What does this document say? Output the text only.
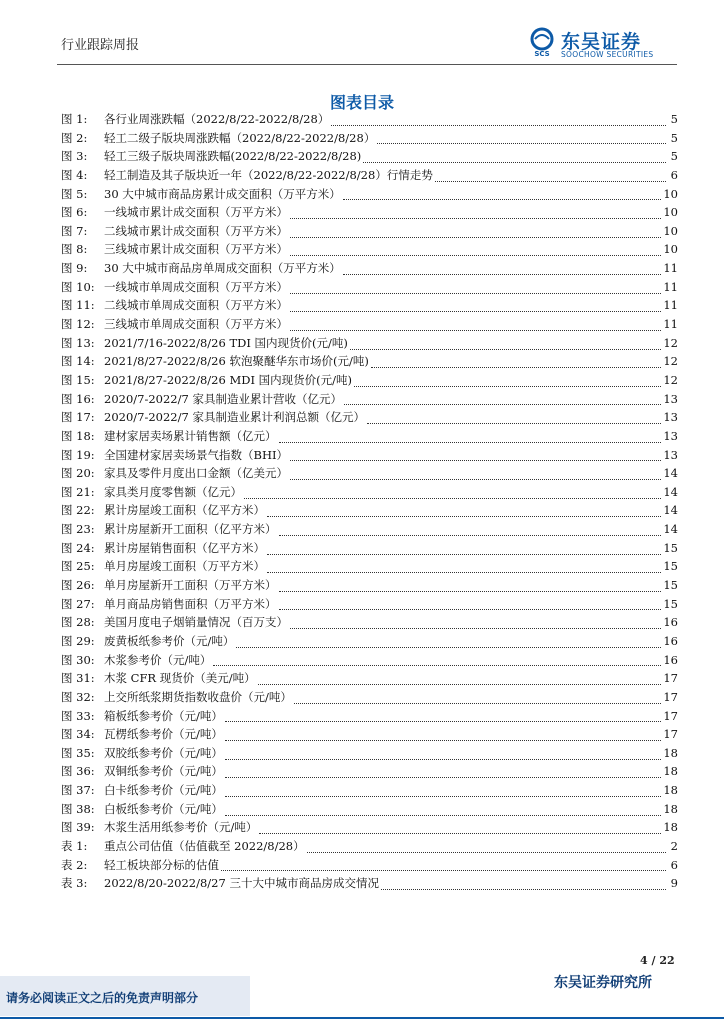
行业跟踪周报
SCS
东吴证券
SOOCHOW SECURITIES
图表目录
图 1:	各行业周涨跌幅（2022/8/22-2022/8/28）	5
图 2:	轻工二级子版块周涨跌幅（2022/8/22-2022/8/28）	5
图 3:	轻工三级子版块周涨跌幅(2022/8/22-2022/8/28)	5
图 4:	轻工制造及其子版块近一年（2022/8/22-2022/8/28）行情走势	6
图 5:	30 大中城市商品房累计成交面积（万平方米）	10
图 6:	一线城市累计成交面积（万平方米）	10
图 7:	二线城市累计成交面积（万平方米）	10
图 8:	三线城市累计成交面积（万平方米）	10
图 9:	30 大中城市商品房单周成交面积（万平方米）	11
图 10: 一线城市单周成交面积（万平方米）	11
图 11: 二线城市单周成交面积（万平方米）	11
图 12: 三线城市单周成交面积（万平方米）	11
图 13: 2021/7/16-2022/8/26 TDI 国内现货价(元/吨)	12
图 14: 2021/8/27-2022/8/26 软泡聚醚华东市场价(元/吨)	12
图 15: 2021/8/27-2022/8/26 MDI 国内现货价(元/吨)	12
图 16: 2020/7-2022/7 家具制造业累计营收（亿元）	13
图 17: 2020/7-2022/7 家具制造业累计利润总额（亿元）	13
图 18: 建材家居卖场累计销售额（亿元）	13
图 19: 全国建材家居卖场景气指数（BHI）	13
图 20: 家具及零件月度出口金额（亿美元）	14
图 21: 家具类月度零售额（亿元）	14
图 22: 累计房屋竣工面积（亿平方米）	14
图 23: 累计房屋新开工面积（亿平方米）	14
图 24: 累计房屋销售面积（亿平方米）	15
图 25: 单月房屋竣工面积（万平方米）	15
图 26: 单月房屋新开工面积（万平方米）	15
图 27: 单月商品房销售面积（万平方米）	15
图 28: 美国月度电子烟销量情况（百万支）	16
图 29: 废黄板纸参考价（元/吨）	16
图 30: 木浆参考价（元/吨）	16
图 31: 木浆 CFR 现货价（美元/吨）	17
图 32: 上交所纸浆期货指数收盘价（元/吨）	17
图 33: 箱板纸参考价（元/吨）	17
图 34: 瓦楞纸参考价（元/吨）	17
图 35: 双胶纸参考价（元/吨）	18
图 36: 双铜纸参考价（元/吨）	18
图 37: 白卡纸参考价（元/吨）	18
图 38: 白板纸参考价（元/吨）	18
图 39: 木浆生活用纸参考价（元/吨）	18
表 1:	重点公司估值（估值截至 2022/8/28）	2
表 2:	轻工板块部分标的估值	6
表 3:	2022/8/20-2022/8/27 三十大中城市商品房成交情况	9
4 / 22
请务必阅读正文之后的免责声明部分
东吴证券研究所
